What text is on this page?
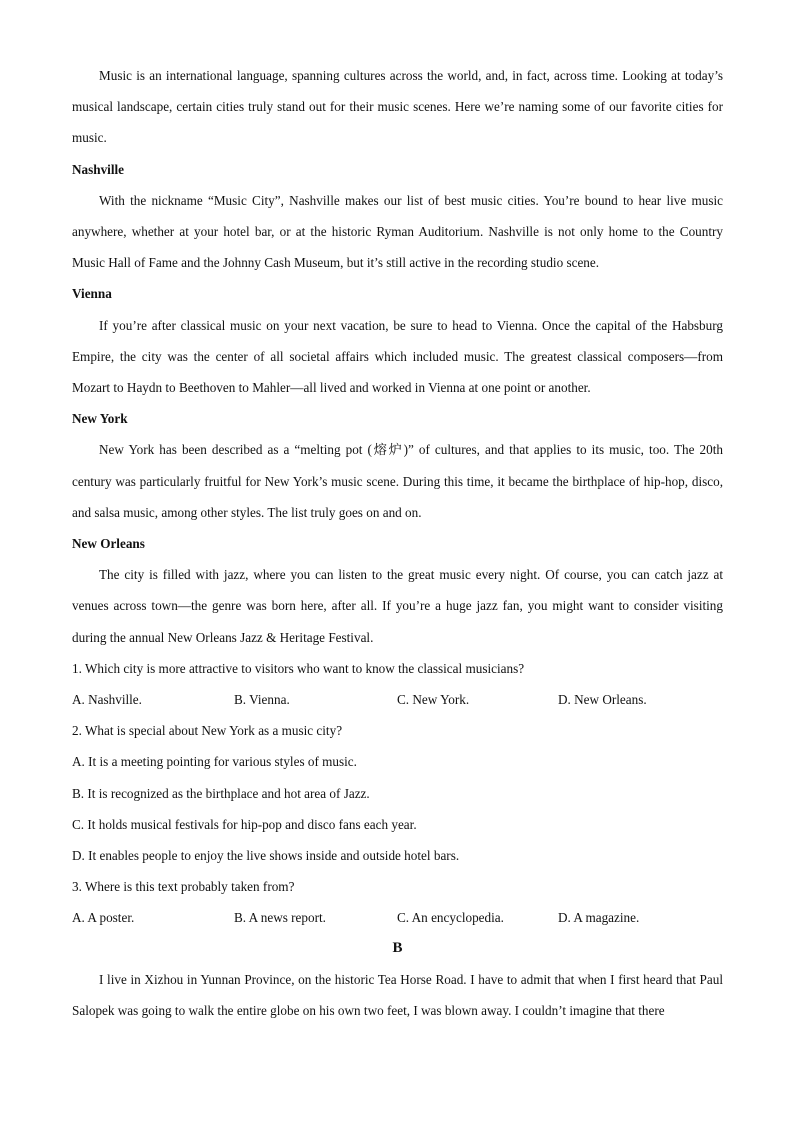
Music is an international language, spanning cultures across the world, and, in fact, across time. Looking at today’s musical landscape, certain cities truly stand out for their music scenes. Here we’re naming some of our favorite cities for music.

Nashville

With the nickname “Music City”, Nashville makes our list of best music cities. You’re bound to hear live music anywhere, whether at your hotel bar, or at the historic Ryman Auditorium. Nashville is not only home to the Country Music Hall of Fame and the Johnny Cash Museum, but it’s still active in the recording studio scene.

Vienna

If you’re after classical music on your next vacation, be sure to head to Vienna. Once the capital of the Habsburg Empire, the city was the center of all societal affairs which included music. The greatest classical composers—from Mozart to Haydn to Beethoven to Mahler—all lived and worked in Vienna at one point or another.

New York

New York has been described as a “melting pot (熔炉)” of cultures, and that applies to its music, too. The 20th century was particularly fruitful for New York’s music scene. During this time, it became the birthplace of hip-hop, disco, and salsa music, among other styles. The list truly goes on and on.

New Orleans

The city is filled with jazz, where you can listen to the great music every night. Of course, you can catch jazz at venues across town—the genre was born here, after all. If you’re a huge jazz fan, you might want to consider visiting during the annual New Orleans Jazz & Heritage Festival.

1. Which city is more attractive to visitors who want to know the classical musicians?

A. Nashville.	B. Vienna.	C. New York.	D. New Orleans.

2. What is special about New York as a music city?

A. It is a meeting pointing for various styles of music.

B. It is recognized as the birthplace and hot area of Jazz.

C. It holds musical festivals for hip-pop and disco fans each year.

D. It enables people to enjoy the live shows inside and outside hotel bars.

3. Where is this text probably taken from?

A. A poster.	B. A news report.	C. An encyclopedia.	D. A magazine.
B

I live in Xizhou in Yunnan Province, on the historic Tea Horse Road. I have to admit that when I first heard that Paul Salopek was going to walk the entire globe on his own two feet, I was blown away. I couldn’t imagine that there
